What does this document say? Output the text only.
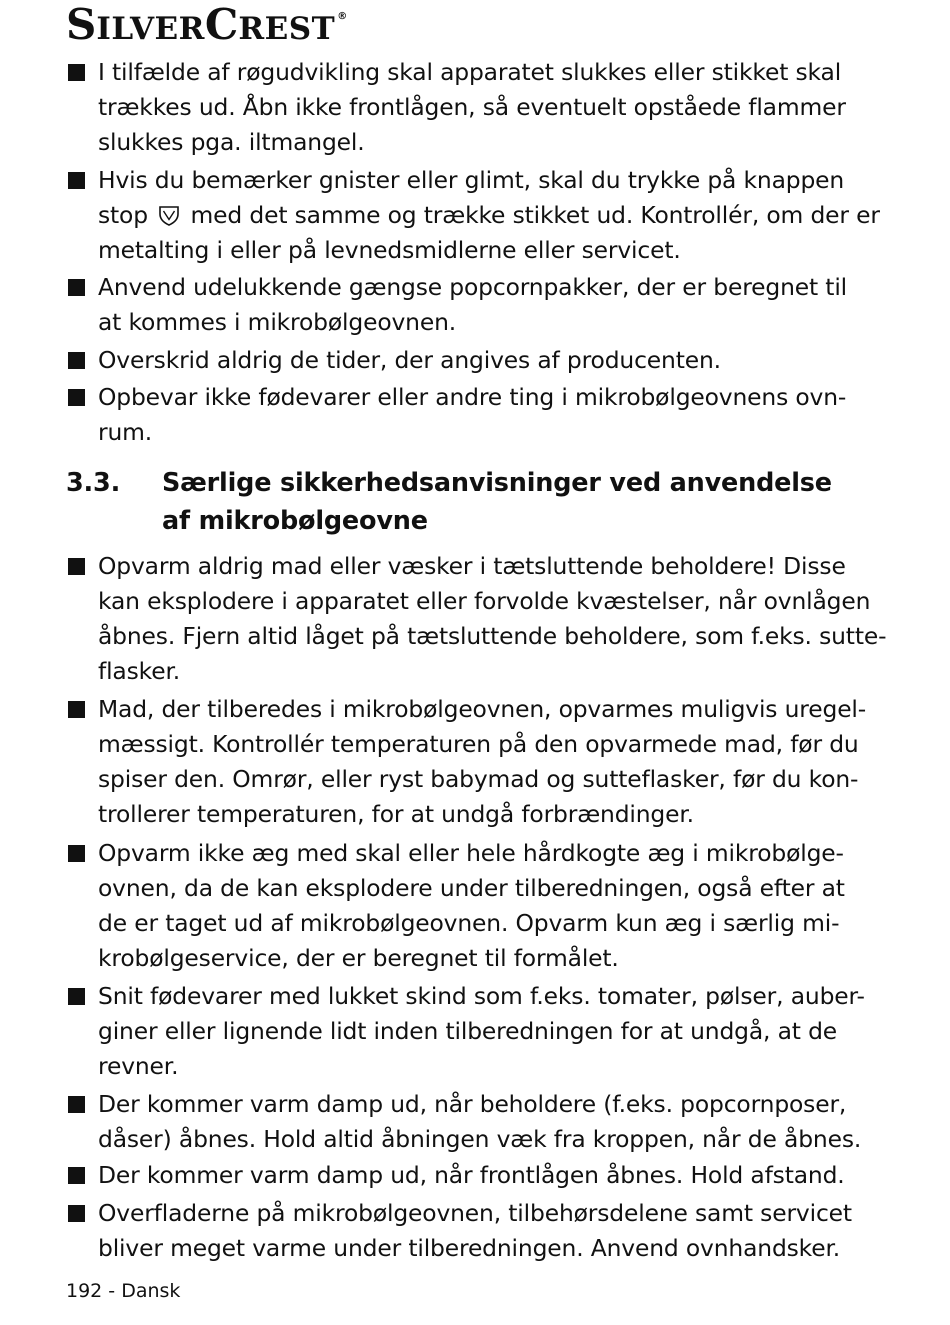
SILVERCREST ®
I tilfælde af røgudvikling skal apparatet slukkes eller stikket skal
trækkes ud. Åbn ikke frontlågen, så eventuelt opståede flammer
slukkes pga. iltmangel.
Hvis du bemærker gnister eller glimt, skal du trykke på knappen
stop med det samme og trække stikket ud. Kontrollér, om der er
metalting i eller på levnedsmidlerne eller servicet.
Anvend udelukkende gængse popcornpakker, der er beregnet til
at kommes i mikrobølgeovnen.
Overskrid aldrig de tider, der angives af producenten.
Opbevar ikke fødevarer eller andre ting i mikrobølgeovnens ovn-
rum.
3.3. Særlige sikkerhedsanvisninger ved anvendelse
af mikrobølgeovne
Opvarm aldrig mad eller væsker i tætsluttende beholdere! Disse
kan eksplodere i apparatet eller forvolde kvæstelser, når ovnlågen
åbnes. Fjern altid låget på tætsluttende beholdere, som f.eks. sutte-
flasker.
Mad, der tilberedes i mikrobølgeovnen, opvarmes muligvis uregel-
mæssigt. Kontrollér temperaturen på den opvarmede mad, før du
spiser den. Omrør, eller ryst babymad og sutteflasker, før du kon-
trollerer temperaturen, for at undgå forbrændinger.
Opvarm ikke æg med skal eller hele hårdkogte æg i mikrobølge-
ovnen, da de kan eksplodere under tilberedningen, også efter at
de er taget ud af mikrobølgeovnen. Opvarm kun æg i særlig mi-
krobølgeservice, der er beregnet til formålet.
Snit fødevarer med lukket skind som f.eks. tomater, pølser, auber-
giner eller lignende lidt inden tilberedningen for at undgå, at de
revner.
Der kommer varm damp ud, når beholdere (f.eks. popcornposer,
dåser) åbnes. Hold altid åbningen væk fra kroppen, når de åbnes.
Der kommer varm damp ud, når frontlågen åbnes. Hold afstand.
Overfladerne på mikrobølgeovnen, tilbehørsdelene samt servicet
bliver meget varme under tilberedningen. Anvend ovnhandsker.
192 - Dansk
